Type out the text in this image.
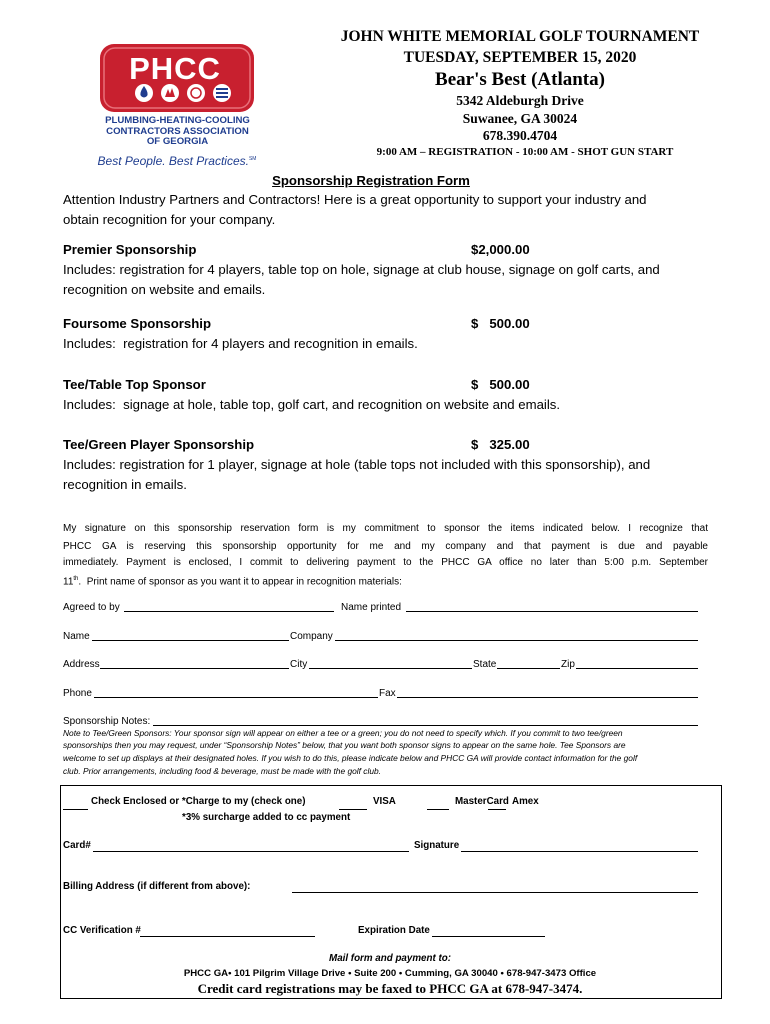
PHCC
PLUMBING-HEATING-COOLING
CONTRACTORS ASSOCIATION
OF GEORGIA
Best People. Best Practices.℠
JOHN WHITE MEMORIAL GOLF TOURNAMENT
TUESDAY, SEPTEMBER 15, 2020
Bear's Best (Atlanta)
5342 Aldeburgh Drive
Suwanee, GA 30024
678.390.4704
9:00 AM – REGISTRATION - 10:00 AM - SHOT GUN START
Sponsorship Registration Form
Attention Industry Partners and Contractors! Here is a great opportunity to support your industry and
obtain recognition for your company.
Premier Sponsorship	$2,000.00
Includes: registration for 4 players, table top on hole, signage at club house, signage on golf carts, and
recognition on website and emails.
Foursome Sponsorship	$   500.00
Includes:  registration for 4 players and recognition in emails.
Tee/Table Top Sponsor	$   500.00
Includes:  signage at hole, table top, golf cart, and recognition on website and emails.
Tee/Green Player Sponsorship	$   325.00
Includes: registration for 1 player, signage at hole (table tops not included with this sponsorship), and
recognition in emails.
My signature on this sponsorship reservation form is my commitment to sponsor the items indicated below. I recognize that
PHCC GA is reserving this sponsorship opportunity for me and my company and that payment is due and payable
immediately. Payment is enclosed, I commit to delivering payment to the PHCC GA office no later than 5:00 p.m. September
11th.  Print name of sponsor as you want it to appear in recognition materials:
Agreed to by	Name printed
Name	Company
Address	City	State	Zip
Phone	Fax
Sponsorship Notes:
Note to Tee/Green Sponsors: Your sponsor sign will appear on either a tee or a green; you do not need to specify which. If you commit to two tee/green
sponsorships then you may request, under “Sponsorship Notes” below, that you want both sponsor signs to appear on the same hole. Tee Sponsors are
welcome to set up displays at their designated holes. If you wish to do this, please indicate below and PHCC GA will provide contact information for the golf
club. Prior arrangements, including food & beverage, must be made with the golf club.
Check Enclosed or *Charge to my (check one)	VISA	MasterCard Amex
*3% surcharge added to cc payment
Card#	Signature
Billing Address (if different from above):
CC Verification #	Expiration Date
Mail form and payment to:
PHCC GA• 101 Pilgrim Village Drive • Suite 200 • Cumming, GA 30040 • 678-947-3473 Office
Credit card registrations may be faxed to PHCC GA at 678-947-3474.
